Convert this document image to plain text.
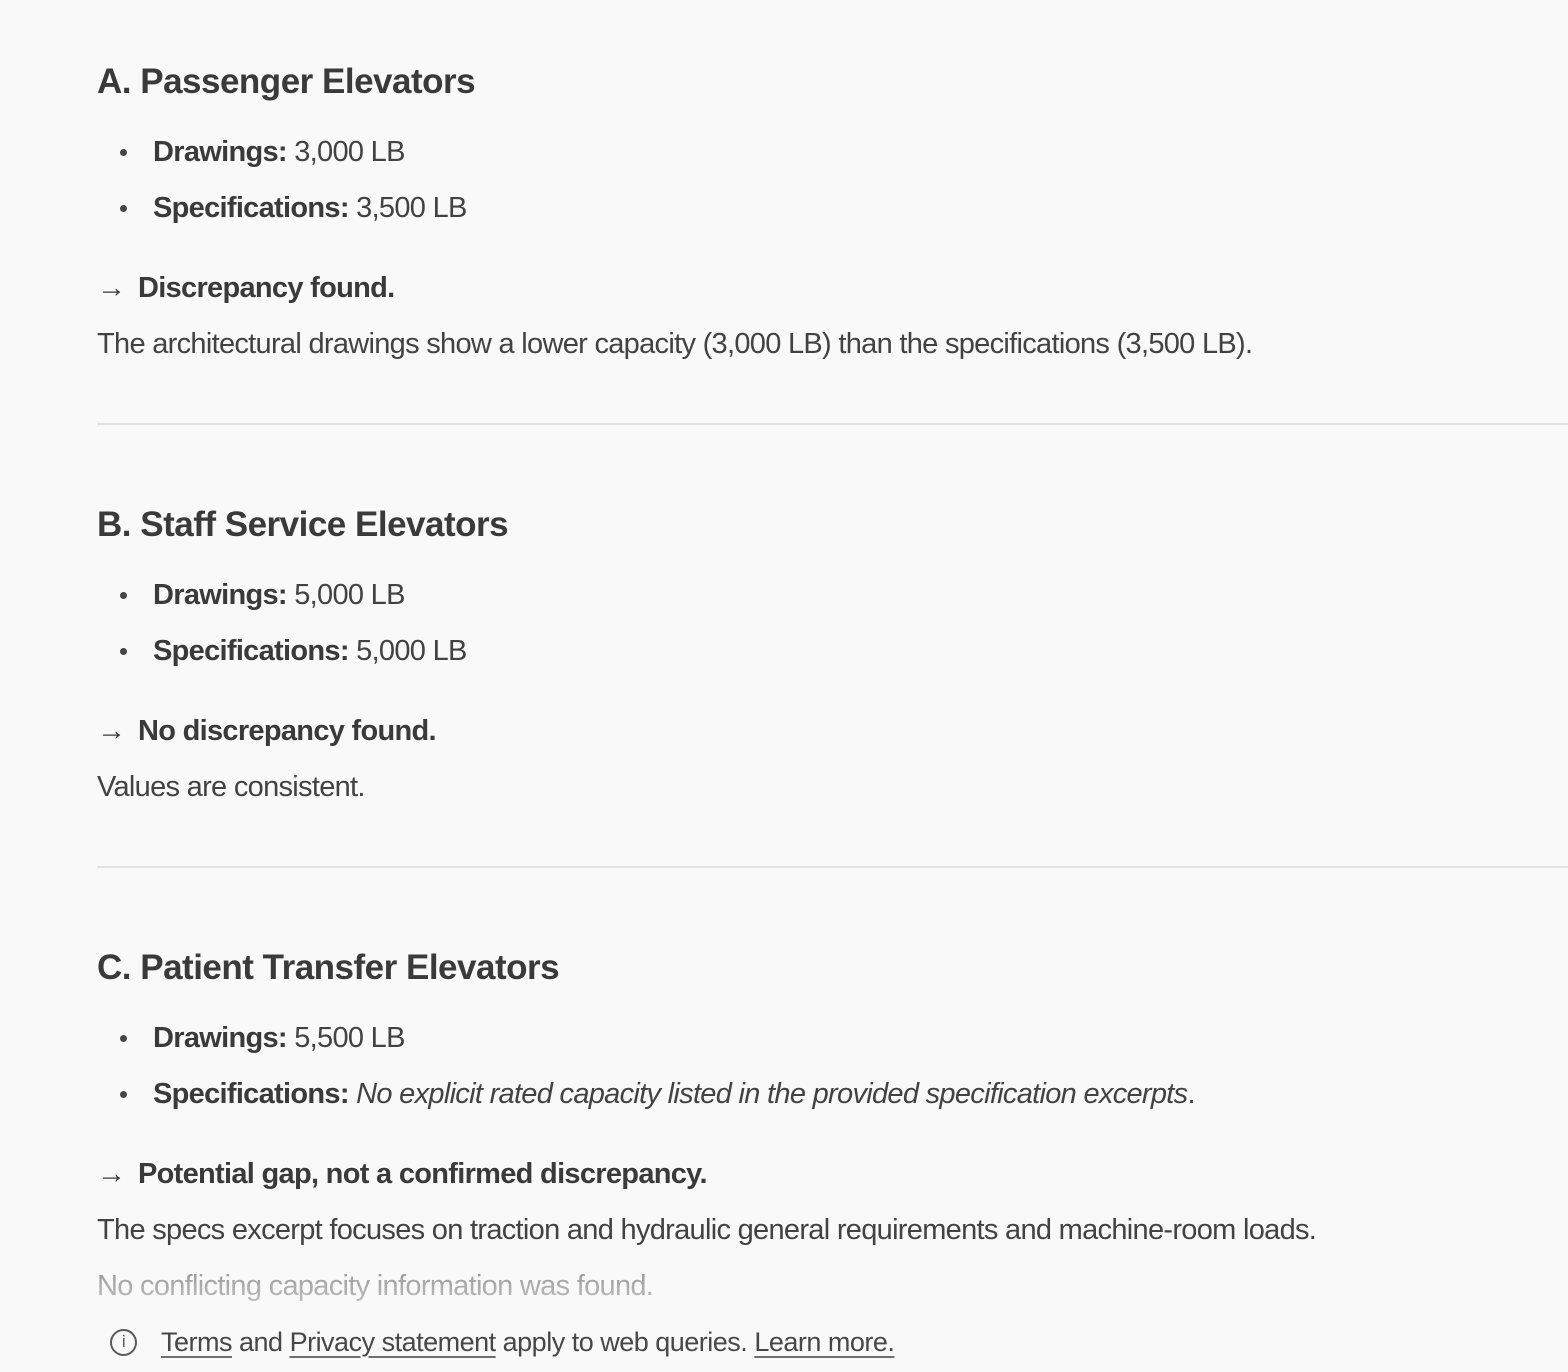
A. Passenger Elevators
Drawings: 3,000 LB
Specifications: 3,500 LB

→ Discrepancy found.

The architectural drawings show a lower capacity (3,000 LB) than the specifications (3,500 LB).

B. Staff Service Elevators
Drawings: 5,000 LB
Specifications: 5,000 LB

→ No discrepancy found.

Values are consistent.

C. Patient Transfer Elevators
Drawings: 5,500 LB
Specifications: No explicit rated capacity listed in the provided specification excerpts.

→ Potential gap, not a confirmed discrepancy.

The specs excerpt focuses on traction and hydraulic general requirements and machine-room loads.

No conflicting capacity information was found.

i Terms and Privacy statement apply to web queries. Learn more.
